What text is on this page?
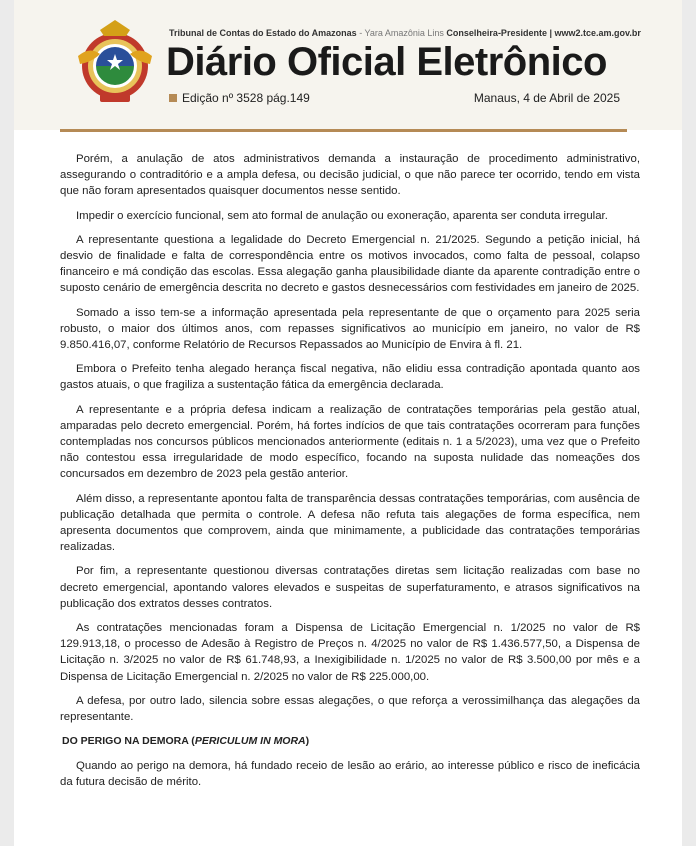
Tribunal de Contas do Estado do Amazonas - Yara Amazônia Lins Conselheira-Presidente | www2.tce.am.gov.br
Diário Oficial Eletrônico
Edição nº 3528 pág.149	Manaus, 4 de Abril de 2025

Porém, a anulação de atos administrativos demanda a instauração de procedimento administrativo, assegurando o contraditório e a ampla defesa, ou decisão judicial, o que não parece ter ocorrido, tendo em vista que não foram apresentados quaisquer documentos nesse sentido.

Impedir o exercício funcional, sem ato formal de anulação ou exoneração, aparenta ser conduta irregular.

A representante questiona a legalidade do Decreto Emergencial n. 21/2025. Segundo a petição inicial, há desvio de finalidade e falta de correspondência entre os motivos invocados, como falta de pessoal, colapso financeiro e má condição das escolas. Essa alegação ganha plausibilidade diante da aparente contradição entre o suposto cenário de emergência descrita no decreto e gastos desnecessários com festividades em janeiro de 2025.

Somado a isso tem-se a informação apresentada pela representante de que o orçamento para 2025 seria robusto, o maior dos últimos anos, com repasses significativos ao município em janeiro, no valor de R$ 9.850.416,07, conforme Relatório de Recursos Repassados ao Município de Envira à fl. 21.

Embora o Prefeito tenha alegado herança fiscal negativa, não elidiu essa contradição apontada quanto aos gastos atuais, o que fragiliza a sustentação fática da emergência declarada.

A representante e a própria defesa indicam a realização de contratações temporárias pela gestão atual, amparadas pelo decreto emergencial. Porém, há fortes indícios de que tais contratações ocorreram para funções contempladas nos concursos públicos mencionados anteriormente (editais n. 1 a 5/2023), uma vez que o Prefeito não contestou essa irregularidade de modo específico, focando na suposta nulidade das nomeações dos concursados em dezembro de 2023 pela gestão anterior.

Além disso, a representante apontou falta de transparência dessas contratações temporárias, com ausência de publicação detalhada que permita o controle. A defesa não refuta tais alegações de forma específica, nem apresenta documentos que comprovem, ainda que minimamente, a publicidade das contratações temporárias realizadas.

Por fim, a representante questionou diversas contratações diretas sem licitação realizadas com base no decreto emergencial, apontando valores elevados e suspeitas de superfaturamento, e atrasos significativos na publicação dos extratos desses contratos.

As contratações mencionadas foram a Dispensa de Licitação Emergencial n. 1/2025 no valor de R$ 129.913,18, o processo de Adesão à Registro de Preços n. 4/2025 no valor de R$ 1.436.577,50, a Dispensa de Licitação n. 3/2025 no valor de R$ 61.748,93, a Inexigibilidade n. 1/2025 no valor de R$ 3.500,00 por mês e a Dispensa de Licitação Emergencial n. 2/2025 no valor de R$ 225.000,00.

A defesa, por outro lado, silencia sobre essas alegações, o que reforça a verossimilhança das alegações da representante.

DO PERIGO NA DEMORA (PERICULUM IN MORA)

Quando ao perigo na demora, há fundado receio de lesão ao erário, ao interesse público e risco de ineficácia da futura decisão de mérito.
